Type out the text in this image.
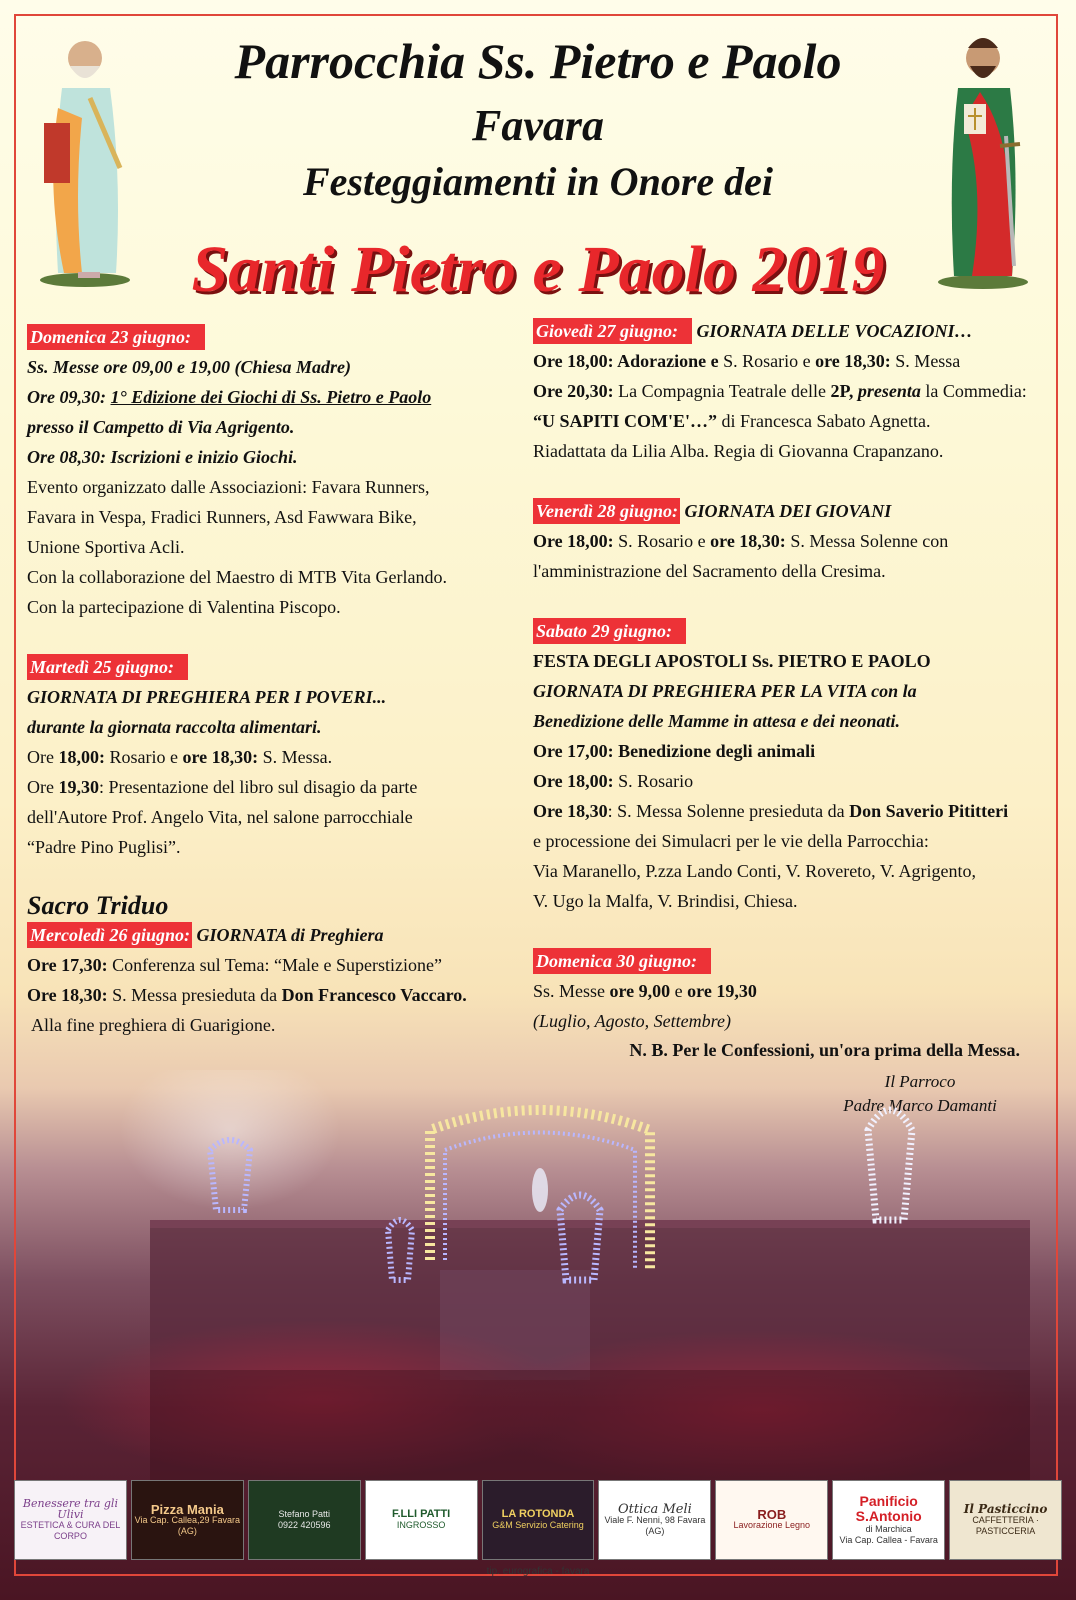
Parrocchia Ss. Pietro e Paolo

Favara

Festeggiamenti in Onore dei

Santi Pietro e Paolo 2019

Domenica 23 giugno:
Ss. Messe ore 09,00 e 19,00 (Chiesa Madre)
Ore 09,30: 1° Edizione dei Giochi di Ss. Pietro e Paolo
presso il Campetto di Via Agrigento.
Ore 08,30: Iscrizioni e inizio Giochi.
Evento organizzato dalle Associazioni: Favara Runners,
Favara in Vespa, Fradici Runners, Asd Fawwara Bike,
Unione Sportiva Acli.
Con la collaborazione del Maestro di MTB Vita Gerlando.
Con la partecipazione di Valentina Piscopo.
Martedì 25 giugno:
GIORNATA DI PREGHIERA PER I POVERI...
durante la giornata raccolta alimentari.
Ore 18,00: Rosario e ore 18,30: S. Messa.
Ore 19,30: Presentazione del libro sul disagio da parte
dell'Autore Prof. Angelo Vita, nel salone parrocchiale
“Padre Pino Puglisi”.
Sacro Triduo
Mercoledì 26 giugno: GIORNATA di Preghiera
Ore 17,30: Conferenza sul Tema: “Male e Superstizione”
Ore 18,30: S. Messa presieduta da Don Francesco Vaccaro.
Alla fine preghiera di Guarigione.
Giovedì 27 giugno: GIORNATA DELLE VOCAZIONI…
Ore 18,00: Adorazione e S. Rosario e ore 18,30: S. Messa
Ore 20,30: La Compagnia Teatrale delle 2P, presenta la Commedia:
“U SAPITI COM'E'…” di Francesca Sabato Agnetta.
Riadattata da Lilia Alba. Regia di Giovanna Crapanzano.
Venerdì 28 giugno: GIORNATA DEI GIOVANI
Ore 18,00: S. Rosario e ore 18,30: S. Messa Solenne con
l'amministrazione del Sacramento della Cresima.
Sabato 29 giugno:
FESTA DEGLI APOSTOLI Ss. PIETRO E PAOLO
GIORNATA DI PREGHIERA PER LA VITA con la
Benedizione delle Mamme in attesa e dei neonati.
Ore 17,00: Benedizione degli animali
Ore 18,00: S. Rosario
Ore 18,30: S. Messa Solenne presieduta da Don Saverio Pititteri
e processione dei Simulacri per le vie della Parrocchia:
Via Maranello, P.zza Lando Conti, V. Rovereto, V. Agrigento,
V. Ugo la Malfa, V. Brindisi, Chiesa.
Domenica 30 giugno:
Ss. Messe ore 9,00 e ore 19,30
(Luglio, Agosto, Settembre)
N. B. Per le Confessioni, un'ora prima della Messa.
Il Parroco
Padre Marco Damanti
Benessere tra gli Ulivi
ESTETICA & CURA DEL CORPO
Pizza Mania
Via Cap. Callea,29 Favara (AG)
Stefano Patti
0922 420596
F.LLI PATTI
INGROSSO
LA ROTONDA
G&M Servizio Catering
Ottica Meli
Viale F. Nenni, 98 Favara (AG)
ROB
Lavorazione Legno
Panificio S.Antonio
di Marchica
Via Cap. Callea - Favara
Il Pasticcino
CAFFETTERIA · PASTICCERIA
tip. eurografica - favara
